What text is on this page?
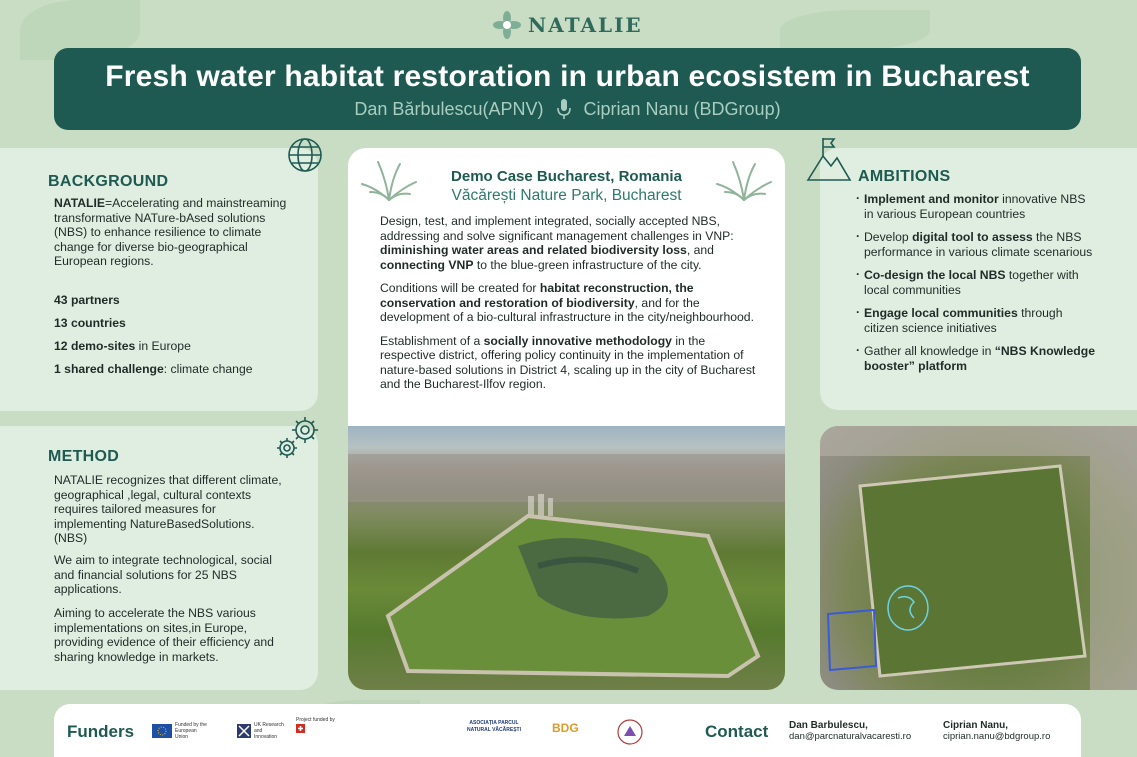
NATALIE
Fresh water habitat restoration in urban ecosistem in Bucharest
Dan Bărbulescu(APNV) Ciprian Nanu (BDGroup)
BACKGROUND
NATALIE=Accelerating and mainstreaming transformative NATure-bAsed solutions (NBS) to enhance resilience to climate change for diverse bio-geographical European regions.
43 partners
13 countries
12 demo-sites in Europe
1 shared challenge: climate change
METHOD
NATALIE recognizes that different climate, geographical ,legal, cultural contexts requires tailored measures for implementing NatureBasedSolutions.(NBS)
We aim to integrate technological, social and financial solutions for 25 NBS applications.
Aiming to accelerate the NBS various implementations on sites,in Europe, providing evidence of their efficiency and sharing knowledge in markets.
AMBITIONS
· Implement and monitor innovative NBS in various European countries
· Develop digital tool to assess the NBS performance in various climate scenarious
· Co-design the local NBS together with local communities
· Engage local communities through citizen science initiatives
· Gather all knowledge in “NBS Knowledge booster” platform
Demo Case Bucharest, Romania
Văcărești Nature Park, Bucharest

Design, test, and implement integrated, socially accepted NBS, addressing and solve significant management challenges in VNP: diminishing water areas and related biodiversity loss, and connecting VNP to the blue-green infrastructure of the city.

Conditions will be created for habitat reconstruction, the conservation and restoration of biodiversity, and for the development of a bio-cultural infrastructure in the city/neighbourhood.

Establishment of a socially innovative methodology in the respective district, offering policy continuity in the implementation of nature-based solutions in District 4, scaling up in the city of Bucharest and the Bucharest-Ilfov region.

Funders	Funded by the European Union
UK Research and Innovation
Project funded by	ASOCIAȚIA PARCUL NATURAL VĂCĂREȘTI	BDG	Contact Dan Barbulescu,
dan@parcnaturalvacaresti.ro
Ciprian Nanu,
ciprian.nanu@bdgroup.ro
